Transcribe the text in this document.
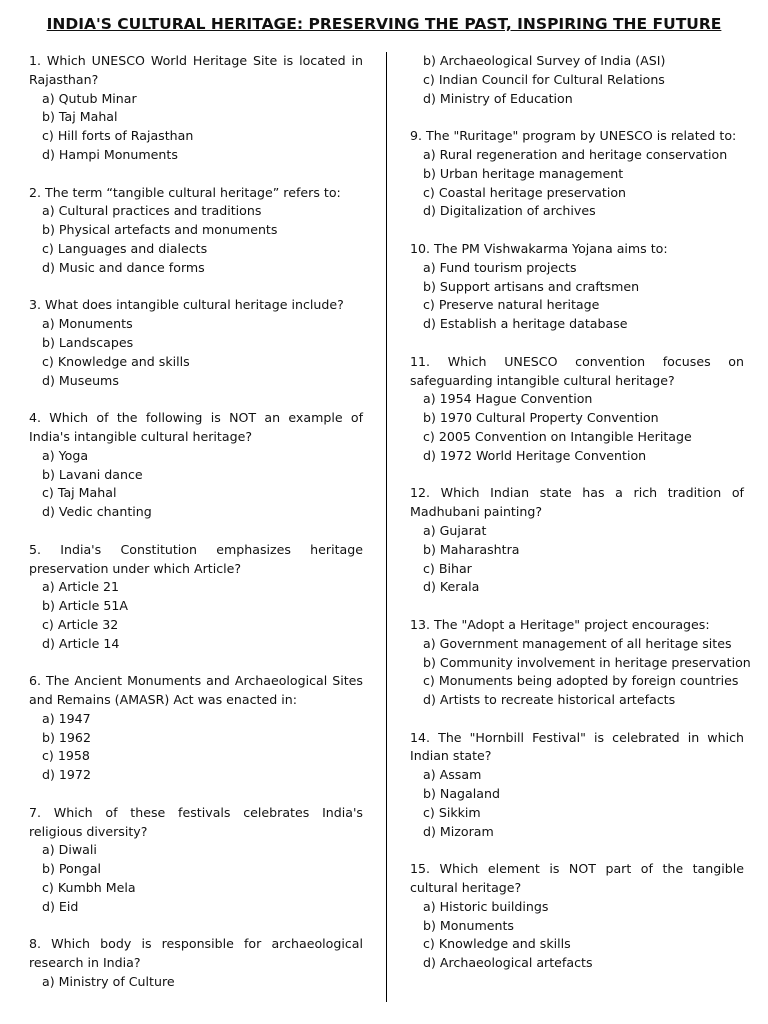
INDIA'S CULTURAL HERITAGE: PRESERVING THE PAST, INSPIRING THE FUTURE
1. Which UNESCO World Heritage Site is located in Rajasthan?
a) Qutub Minar
b) Taj Mahal
c) Hill forts of Rajasthan
d) Hampi Monuments
2. The term “tangible cultural heritage” refers to:
a) Cultural practices and traditions
b) Physical artefacts and monuments
c) Languages and dialects
d) Music and dance forms
3. What does intangible cultural heritage include?
a) Monuments
b) Landscapes
c) Knowledge and skills
d) Museums
4. Which of the following is NOT an example of India's intangible cultural heritage?
a) Yoga
b) Lavani dance
c) Taj Mahal
d) Vedic chanting
5. India's Constitution emphasizes heritage preservation under which Article?
a) Article 21
b) Article 51A
c) Article 32
d) Article 14
6. The Ancient Monuments and Archaeological Sites and Remains (AMASR) Act was enacted in:
a) 1947
b) 1962
c) 1958
d) 1972
7. Which of these festivals celebrates India's religious diversity?
a) Diwali
b) Pongal
c) Kumbh Mela
d) Eid
8. Which body is responsible for archaeological research in India?
a) Ministry of Culture
b) Archaeological Survey of India (ASI)
c) Indian Council for Cultural Relations
d) Ministry of Education
9. The "Ruritage" program by UNESCO is related to:
a) Rural regeneration and heritage conservation
b) Urban heritage management
c) Coastal heritage preservation
d) Digitalization of archives
10. The PM Vishwakarma Yojana aims to:
a) Fund tourism projects
b) Support artisans and craftsmen
c) Preserve natural heritage
d) Establish a heritage database
11. Which UNESCO convention focuses on safeguarding intangible cultural heritage?
a) 1954 Hague Convention
b) 1970 Cultural Property Convention
c) 2005 Convention on Intangible Heritage
d) 1972 World Heritage Convention
12. Which Indian state has a rich tradition of Madhubani painting?
a) Gujarat
b) Maharashtra
c) Bihar
d) Kerala
13. The "Adopt a Heritage" project encourages:
a) Government management of all heritage sites
b) Community involvement in heritage preservation
c) Monuments being adopted by foreign countries
d) Artists to recreate historical artefacts
14. The "Hornbill Festival" is celebrated in which Indian state?
a) Assam
b) Nagaland
c) Sikkim
d) Mizoram
15. Which element is NOT part of the tangible cultural heritage?
a) Historic buildings
b) Monuments
c) Knowledge and skills
d) Archaeological artefacts
